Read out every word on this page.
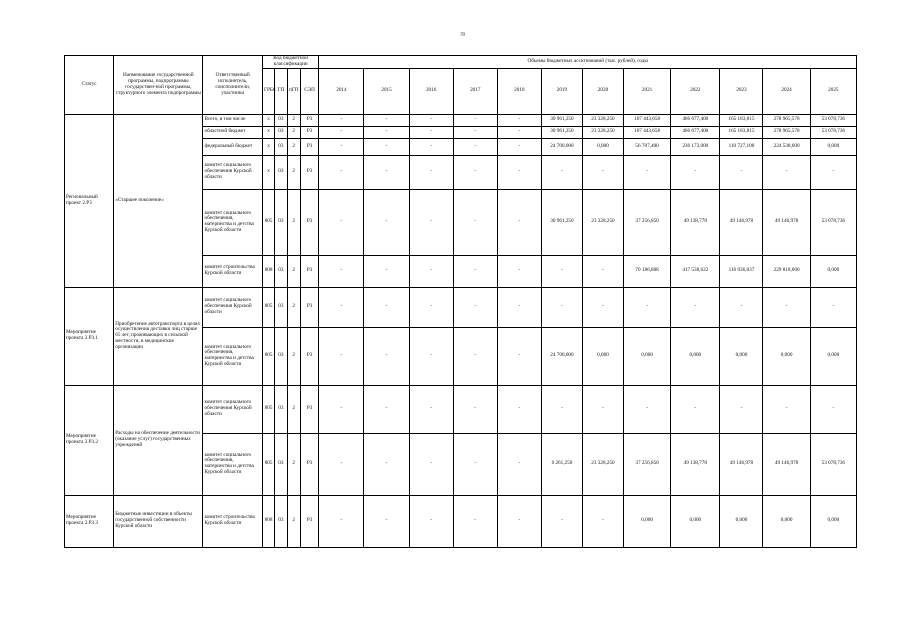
70
Статус	Наименование государственной программы, подпрограммы государствен-ной программы, структурного элемента подпрограммы	Ответственный исполнитель, соисполнители, участники	Код бюджетной классификации				Объемы бюджетных ассигнований (тыс. рублей), годы											
			ГРБС	ГП	пГП	СЭП	2014	2015	2016	2017	2018	2019	2020	2021	2022	2023	2024	2025
Региональный проект 2.Р3	«Старшее поколение»	Всего, в том числе	х	03	2	Р3	-	-	-	-	-	30 961,250	23 328,250	107 443,658	466 677,400	165 183,815	278 965,578	53 078,736
		областной бюджет	х	03	2	Р3	-	-	-	-	-	30 961,250	23 328,250	107 443,658	466 677,400	165 183,815	278 965,578	53 078,736
		федеральный бюджет	х	03	2	Р3	-	-	-	-	-	24 700,000	0,000	56 707,400	236 173,000	110 727,100	224 538,600	0,000
		комитет социального обеспечения Курской области	х	03	2	Р3	-	-	-	-	-	-	-	-	-	-	-	-
		комитет социального обеспечения, материнства и детства Курской области	805	03	2	Р3	-	-	-	-	-	30 961,250	23 328,250	37 256,850	49 138,778	49 146,978	49 146,978	53 078,736
		комитет строительства Курской области	808	03	2	Р3	-	-	-	-	-	-	-	70 186,808	417 538,622	116 036,837	229 818,600	0,000
Мероприятие проекта 2.Р3.1	Приобретение автотранспорта в целях осуществления доставки лиц старше 65 лет, проживающих в сельской местности, в медицинские организации	комитет социального обеспечения Курской области	805	03	2	Р3	-	-	-	-	-	-	-	-	-	-	-	-
		комитет социального обеспечения, материнства и детства Курской области	805	03	2	Р3	-	-	-	-	-	24 700,000	0,000	0,000	0,000	0,000	0,000	0,000
Мероприятие проекта 2.Р3.2	Расходы на обеспечение деятельности (оказание услуг) государственных учреждений	комитет социального обеспечения Курской области	805	03	2	Р3	-	-	-	-	-	-	-	-	-	-	-	-
		комитет социального обеспечения, материнства и детства Курской области	805	03	2	Р3	-	-	-	-	-	6 261,250	23 328,250	37 256,850	49 138,778	49 146,978	49 146,978	53 078,736
Мероприятие проекта 2.Р3.3	Бюджетные инвестиции в объекты государственной собственности Курской области	комитет строительства Курской области	808	03	2	Р3	-	-	-	-	-	-	-	0,000	0,000	0,000	0,000	0,000
